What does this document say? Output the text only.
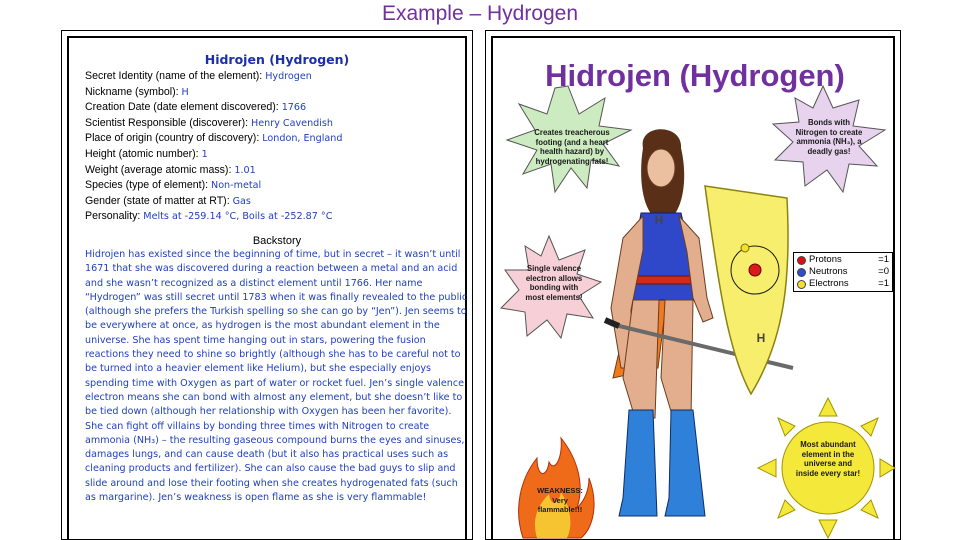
Example – Hydrogen
Hidrojen (Hydrogen)
Secret Identity (name of the element): Hydrogen
Nickname (symbol): H
Creation Date (date element discovered): 1766
Scientist Responsible (discoverer): Henry Cavendish
Place of origin (country of discovery): London, England
Height (atomic number): 1
Weight (average atomic mass): 1.01
Species (type of element): Non-metal
Gender (state of matter at RT): Gas
Personality: Melts at -259.14 °C, Boils at -252.87 °C
Backstory
Hidrojen has existed since the beginning of time, but in secret – it wasn’t until 1671 that she was discovered during a reaction between a metal and an acid and she wasn’t recognized as a distinct element until 1766. Her name “Hydrogen” was still secret until 1783 when it was finally revealed to the public (although she prefers the Turkish spelling so she can go by “Jen”). Jen seems to be everywhere at once, as hydrogen is the most abundant element in the universe. She has spent time hanging out in stars, powering the fusion reactions they need to shine so brightly (although she has to be careful not to be turned into a heavier element like Helium), but she especially enjoys spending time with Oxygen as part of water or rocket fuel. Jen’s single valence electron means she can bond with almost any element, but she doesn’t like to be tied down (although her relationship with Oxygen has been her favorite). She can fight off villains by bonding three times with Nitrogen to create ammonia (NH₃) – the resulting gaseous compound burns the eyes and sinuses, damages lungs, and can cause death (but it also has practical uses such as cleaning products and fertilizer). She can also cause the bad guys to slip and slide around and lose their footing when she creates hydrogenated fats (such as margarine). Jen’s weakness is open flame as she is very flammable!
Hidrojen (Hydrogen)
Creates treacherous footing (and a heart health hazard) by hydrogenating fats!
Bonds with Nitrogen to create ammonia (NH₃), a deadly gas!
Single valence electron allows bonding with most elements!
Most abundant element in the universe and inside every star!
WEAKNESS: Very flammable!!!
H
H
Protons	= 1
Neutrons	= 0
Electrons	= 1
